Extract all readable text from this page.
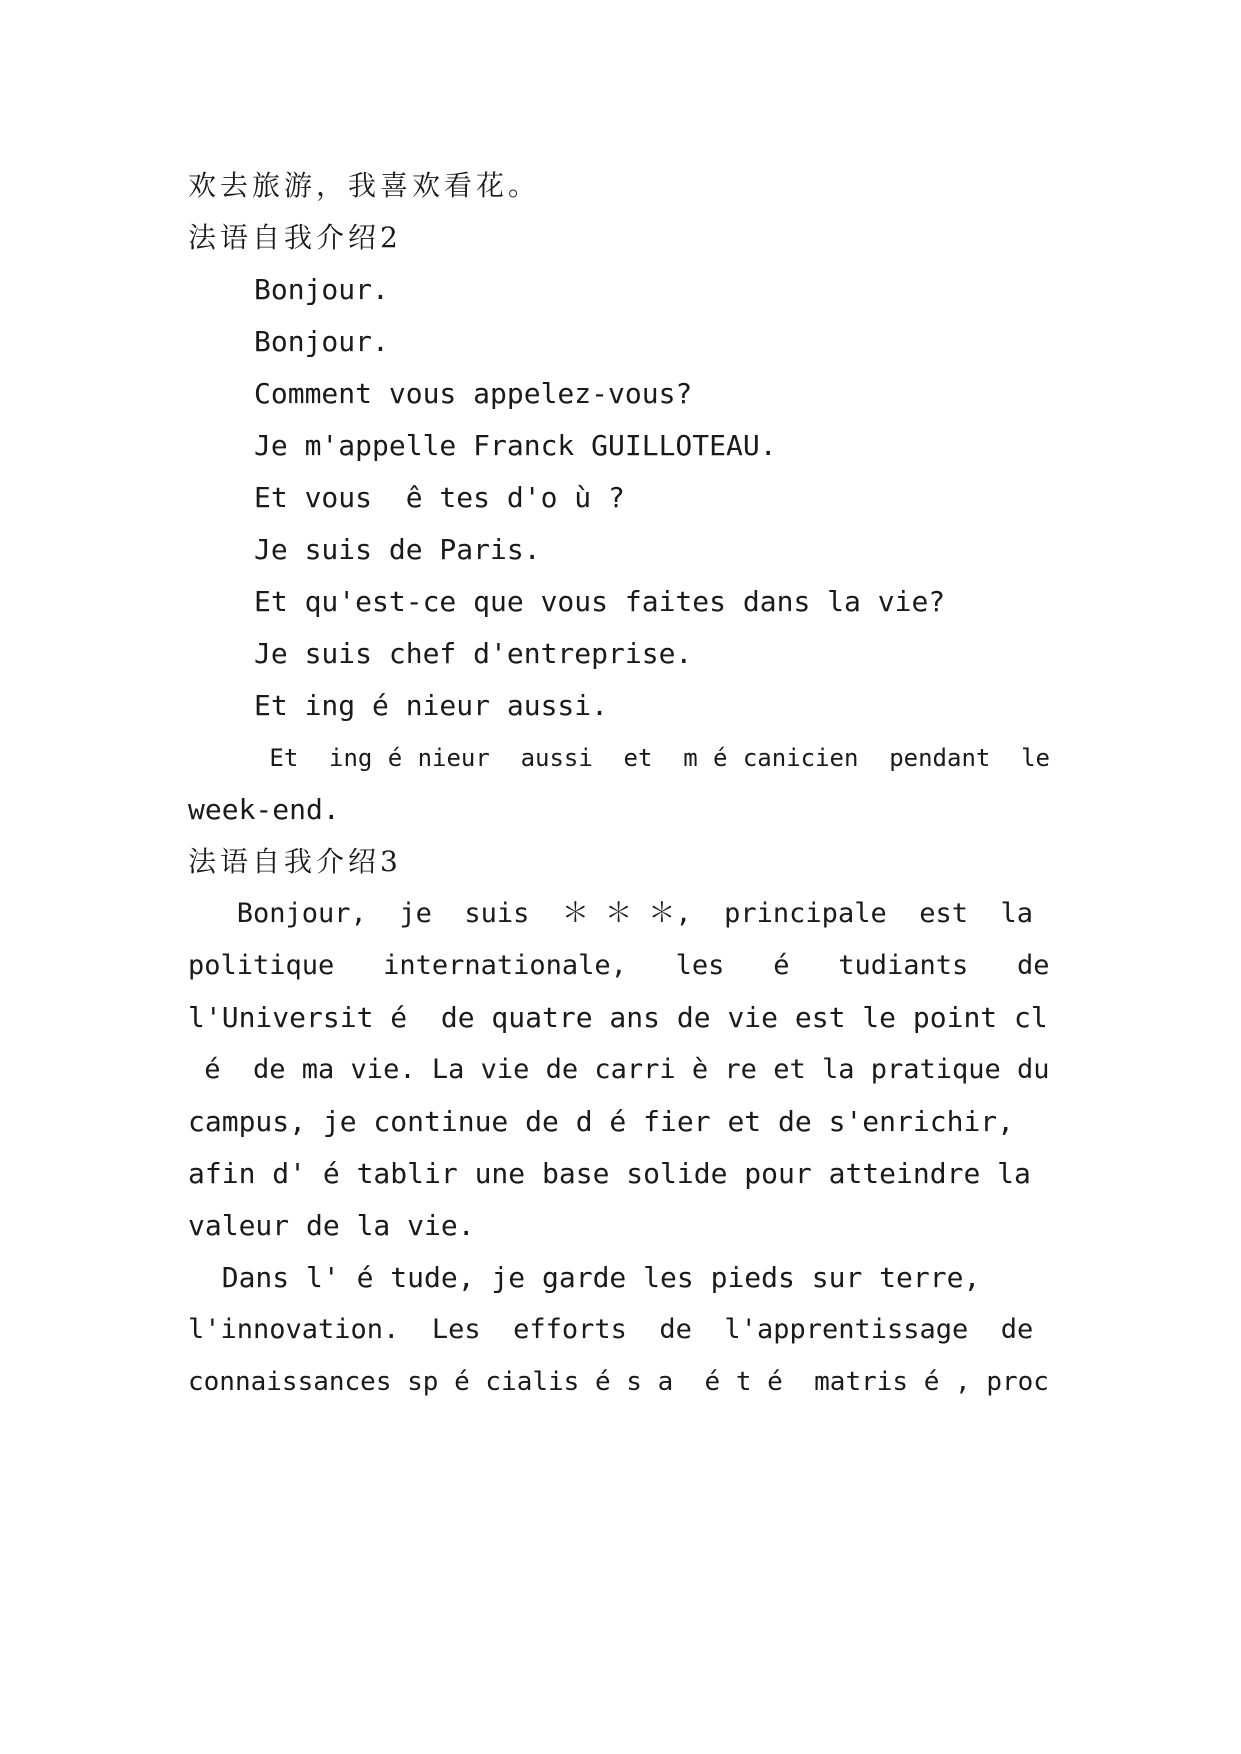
欢去旅游，我喜欢看花。
法语自我介绍2
Bonjour.
Bonjour.
Comment vous appelez-vous?
Je m'appelle Franck GUILLOTEAU.
Et vous  ê tes d'o ù ?
Je suis de Paris.
Et qu'est-ce que vous faites dans la vie?
Je suis chef d'entreprise.
Et ing é nieur aussi.
Et  ing é nieur  aussi  et  m é canicien  pendant  le
week-end.
法语自我介绍3
Bonjour,  je  suis  ＊ ＊ ＊,  principale  est  la
politique   internationale,   les   é   tudiants   de
l'Universit é  de quatre ans de vie est le point cl
é  de ma vie. La vie de carri è re et la pratique du
campus, je continue de d é fier et de s'enrichir,
afin d' é tablir une base solide pour atteindre la
valeur de la vie.
Dans l' é tude, je garde les pieds sur terre,
l'innovation.  Les  efforts  de  l'apprentissage  de
connaissances sp é cialis é s a  é t é  matris é , proc
